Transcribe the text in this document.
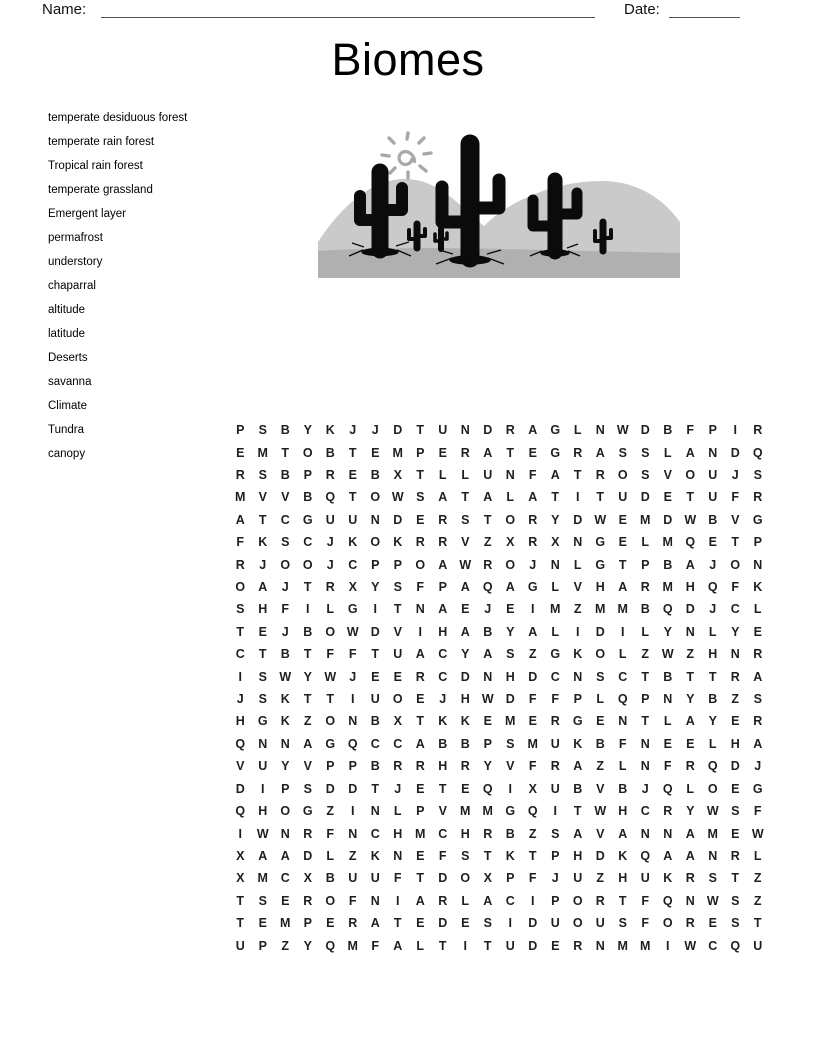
Name:	Date:
Biomes
temperate desiduous forest
temperate rain forest
Tropical rain forest
temperate grassland
Emergent layer
permafrost
understory
chaparral
altitude
latitude
Deserts
savanna
Climate
Tundra
canopy
P	S	B	Y	K	J	J	D	T	U	N	D	R	A	G	L	N W D	B	F	P	I	R
E	M	T	O	B	T	E	M	P	E	R	A	T	E	G	R	A	S	S	L	A	N	D	Q
R	S	B	P	R	E	B	X	T	L	L	U	N	F	A	T	R	O	S	V	O	U	J	S
M	V	V	B	Q	T	O W S	A	T	A	L	A	T	I	T	U	D	E	T	U	F	R
A	T	C	G	U	U	N	D	E	R	S	T	O	R	Y	D W E	M	D W B	V	G
F	K	S	C	J	K	O	K	R	R	V	Z	X	R	X	N	G	E	L	M Q	E	T	P
R	J	O	O	J	C	P	P	O	A W R	O	J	N	L	G	T	P	B	A	J	O	N
O	A	J	T	R	X	Y	S	F	P	A	Q	A	G	L	V	H	A	R	M	H	Q	F	K
S	H	F	I	L	G	I	T	N	A	E	J	E	I	M	Z	M M	B	Q	D	J	C	L
T	E	J	B	O W D	V	I	H	A	B	Y	A	L	I	D	I	L	Y	N	L	Y	E
C	T	B	T	F	F	T	U	A	C	Y	A	S	Z	G	K	O	L	Z	W	Z	H	N	R
I	S W Y W	J	E	E	R	C	D	N	H	D	C	N	S	C	T	B	T	T	R	A
J	S	K	T	T	I	U	O	E	J	H W D	F	F	P	L	Q	P	N	Y	B	Z	S
H	G	K	Z	O	N	B	X	T	K	K	E	M	E	R	G	E	N	T	L	A	Y	E	R
Q	N	N	A	G	Q	C	C	A	B	B	P	S	M	U	K	B	F	N	E	E	L	H	A
V	U	Y	V	P	P	B	R	R	H	R	Y	V	F	R	A	Z	L	N	F	R	Q	D	J
D	I	P	S	D	D	T	J	E	T	E	Q	I	X	U	B	V	B	J	Q	L	O	E	G
Q	H	O	G	Z	I	N	L	P	V	M M G	Q	I	T	W H	C	R	Y W S	F
I	W N	R	F	N	C	H	M	C	H	R	B	Z	S	A	V	A	N	N	A	M	E W
X	A	A	D	L	Z	K	N	E	F	S	T	K	T	P	H	D	K	Q	A	A	N	R	L
X	M	C	X	B	U	U	F	T	D	O	X	P	F	J	U	Z	H	U	K	R	S	T	Z
T	S	E	R	O	F	N	I	A	R	L	A	C	I	P	O	R	T	F	Q	N W S	Z
T	E	M	P	E	R	A	T	E	D	E	S	I	D	U	O	U	S	F	O	R	E	S	T
U	P	Z	Y	Q M	F	A	L	T	I	T	U	D	E	R	N	M M	I	W C	Q	U
